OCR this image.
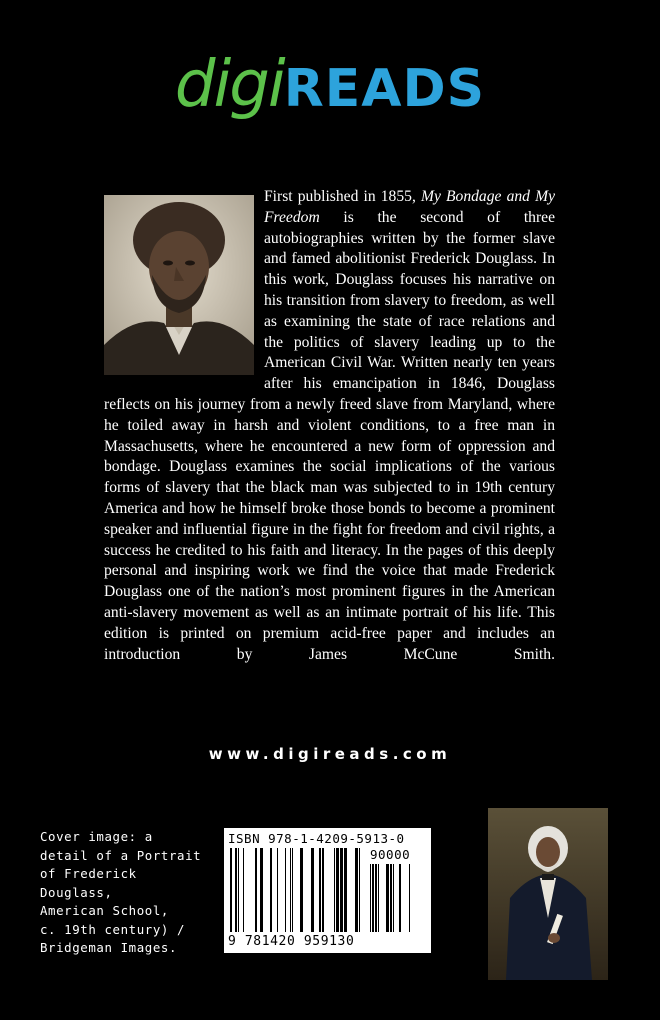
digi READS

First published in 1855, My Bondage and My Freedom is the second of three autobiographies written by the former slave and famed abolitionist Frederick Douglass. In this work, Douglass focuses his narrative on his transition from slavery to freedom, as well as examining the state of race relations and the politics of slavery leading up to the American Civil War. Written nearly ten years after his emancipation in 1846, Douglass reflects on his journey from a newly freed slave from Maryland, where he toiled away in harsh and violent conditions, to a free man in Massachusetts, where he encountered a new form of oppression and bondage. Douglass examines the social implications of the various forms of slavery that the black man was subjected to in 19th century America and how he himself broke those bonds to become a prominent speaker and influential figure in the fight for freedom and civil rights, a success he credited to his faith and literacy. In the pages of this deeply personal and inspiring work we find the voice that made Frederick Douglass one of the nation’s most prominent figures in the American anti-slavery movement as well as an intimate portrait of his life. This edition is printed on premium acid-free paper and includes an introduction by James McCune Smith.

www.digireads.com
Cover image: a
detail of a Portrait
of Frederick
Douglass,
American School,
c. 19th century) /
Bridgeman Images.
ISBN 978-1-4209-5913-0
90000
9 781420 959130
